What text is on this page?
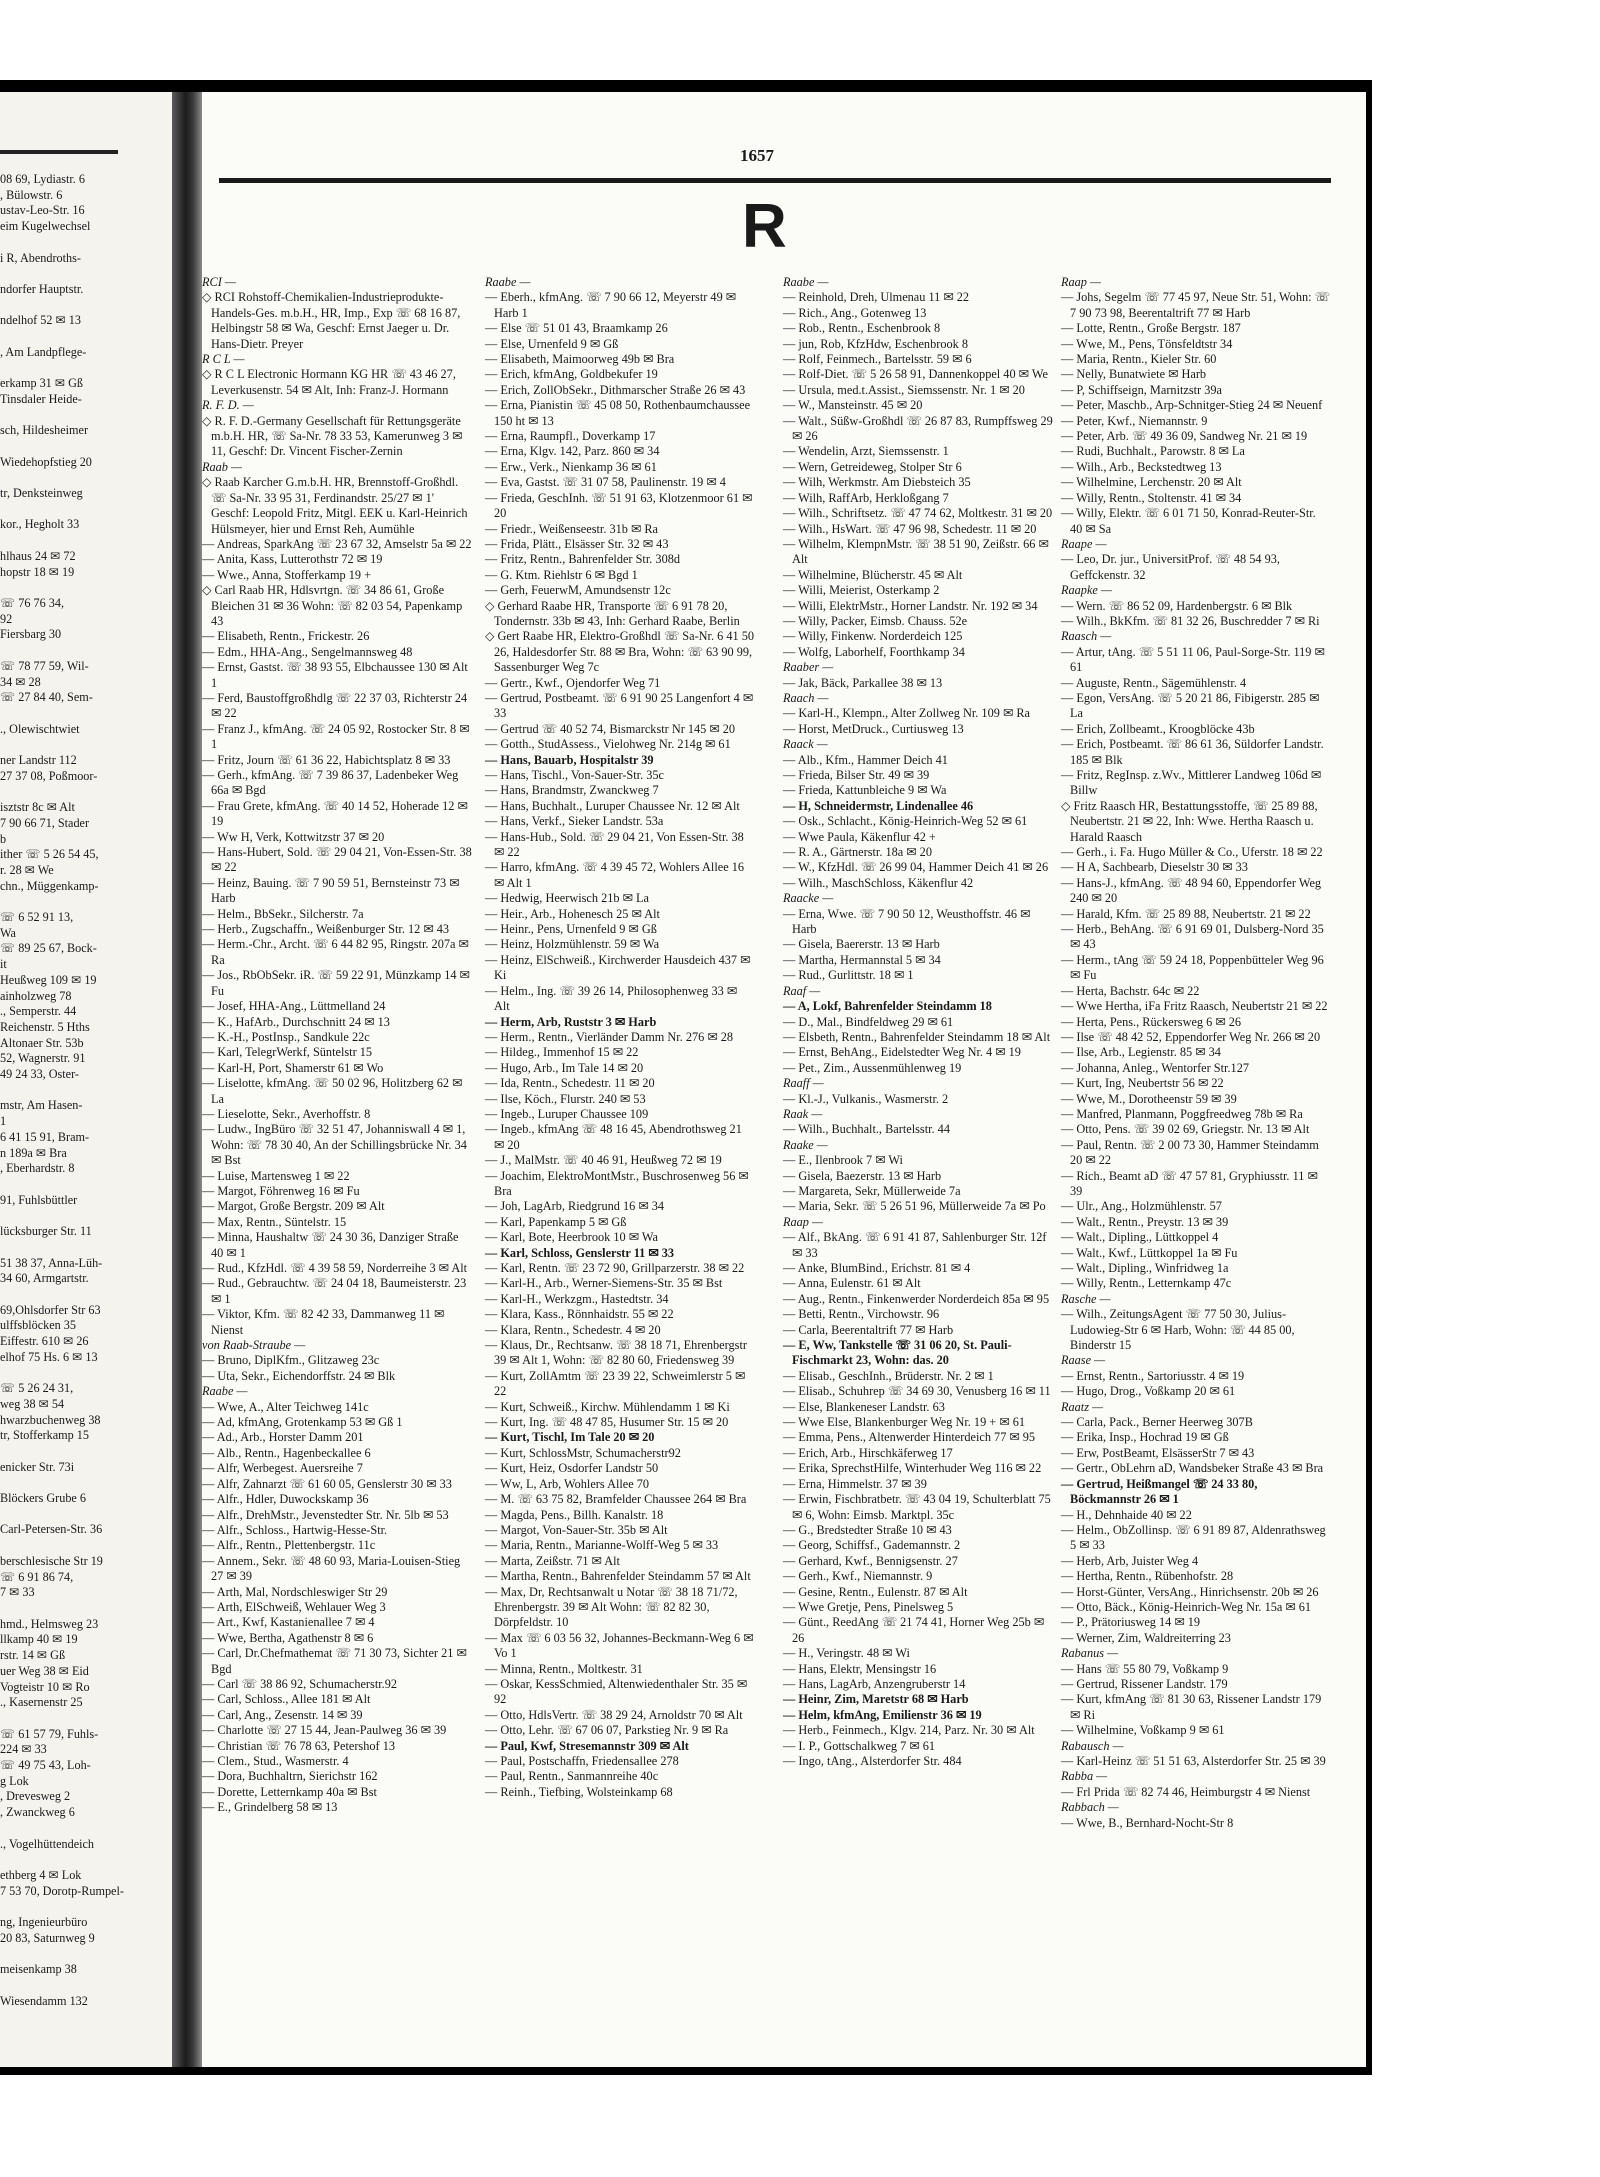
08 69, Lydiastr. 6
, Bülowstr. 6
ustav-Leo-Str. 16
eim Kugelwechsel

i R, Abendroths-

ndorfer Hauptstr.

ndelhof 52 ✉ 13

, Am Landpflege-

erkamp 31 ✉ Gß
Tinsdaler Heide-

sch, Hildesheimer

Wiedehopfstieg 20

tr, Denksteinweg

kor., Hegholt 33

hlhaus 24 ✉ 72
hopstr 18 ✉ 19

☏ 76 76 34,
92
Fiersbarg 30

☏ 78 77 59, Wil-
34 ✉ 28
☏ 27 84 40, Sem-

., Olewischtwiet

ner Landstr 112
27 37 08, Poßmoor-

isztstr 8c ✉ Alt
7 90 66 71, Stader
b
ither ☏ 5 26 54 45,
r. 28 ✉ We
chn., Müggenkamp-

☏ 6 52 91 13,
Wa
☏ 89 25 67, Bock-
it
Heußweg 109 ✉ 19
ainholzweg 78
., Semperstr. 44
Reichenstr. 5 Hths
Altonaer Str. 53b
52, Wagnerstr. 91
49 24 33, Oster-

mstr, Am Hasen-
1
6 41 15 91, Bram-
n 189a ✉ Bra
, Eberhardstr. 8

91, Fuhlsbüttler

lücksburger Str. 11

51 38 37, Anna-Lüh-
34 60, Armgartstr.

69,Ohlsdorfer Str 63
ulffsblöcken 35
Eiffestr. 610 ✉ 26
elhof 75 Hs. 6 ✉ 13

☏ 5 26 24 31,
weg 38 ✉ 54
hwarzbuchenweg 38
tr, Stofferkamp 15

enicker Str. 73i

Blöckers Grube 6

Carl-Petersen-Str. 36

berschlesische Str 19
☏ 6 91 86 74,
7 ✉ 33

hmd., Helmsweg 23
llkamp 40 ✉ 19
rstr. 14 ✉ Gß
uer Weg 38 ✉ Eid
Vogteistr 10 ✉ Ro
., Kasernenstr 25

☏ 61 57 79, Fuhls-
224 ✉ 33
☏ 49 75 43, Loh-
g Lok
, Drevesweg 2
, Zwanckweg 6

., Vogelhüttendeich

ethberg 4 ✉ Lok
7 53 70, Dorotp-Rumpel-

ng, Ingenieurbüro
20 83, Saturnweg 9

meisenkamp 38

Wiesendamm 132
1657
R
RCI —
◇ RCI Rohstoff-Chemikalien-Industrieprodukte-Handels-Ges. m.b.H., HR, Imp., Exp ☏ 68 16 87, Helbingstr 58 ✉ Wa, Geschf: Ernst Jaeger u. Dr. Hans-Dietr. Preyer
R C L —
◇ R C L Electronic Hormann KG HR ☏ 43 46 27, Leverkusenstr. 54 ✉ Alt, Inh: Franz-J. Hormann
R. F. D. —
◇ R. F. D.-Germany Gesellschaft für Rettungsgeräte m.b.H. HR, ☏ Sa-Nr. 78 33 53, Kamerunweg 3 ✉ 11, Geschf: Dr. Vincent Fischer-Zernin
Raab —
◇ Raab Karcher G.m.b.H. HR, Brennstoff-Großhdl. ☏ Sa-Nr. 33 95 31, Ferdinandstr. 25/27 ✉ 1' Geschf: Leopold Fritz, Mitgl. EEK u. Karl-Heinrich Hülsmeyer, hier und Ernst Reh, Aumühle
— Andreas, SparkAng ☏ 23 67 32, Amselstr 5a ✉ 22
— Anita, Kass, Lutterothstr 72 ✉ 19
— Wwe., Anna, Stofferkamp 19 +
◇ Carl Raab HR, Hdlsvrtgn. ☏ 34 86 61, Große Bleichen 31 ✉ 36 Wohn: ☏ 82 03 54, Papenkamp 43
— Elisabeth, Rentn., Frickestr. 26
— Edm., HHA-Ang., Sengelmannsweg 48
— Ernst, Gastst. ☏ 38 93 55, Elbchaussee 130 ✉ Alt 1
— Ferd, Baustoffgroßhdlg ☏ 22 37 03, Richterstr 24 ✉ 22
— Franz J., kfmAng. ☏ 24 05 92, Rostocker Str. 8 ✉ 1
— Fritz, Journ ☏ 61 36 22, Habichtsplatz 8 ✉ 33
— Gerh., kfmAng. ☏ 7 39 86 37, Ladenbeker Weg 66a ✉ Bgd
— Frau Grete, kfmAng. ☏ 40 14 52, Hoherade 12 ✉ 19
— Ww H, Verk, Kottwitzstr 37 ✉ 20
— Hans-Hubert, Sold. ☏ 29 04 21, Von-Essen-Str. 38 ✉ 22
— Heinz, Bauing. ☏ 7 90 59 51, Bernsteinstr 73 ✉ Harb
— Helm., BbSekr., Silcherstr. 7a
— Herb., Zugschaffn., Weißenburger Str. 12 ✉ 43
— Herm.-Chr., Archt. ☏ 6 44 82 95, Ringstr. 207a ✉ Ra
— Jos., RbObSekr. iR. ☏ 59 22 91, Münzkamp 14 ✉ Fu
— Josef, HHA-Ang., Lüttmelland 24
— K., HafArb., Durchschnitt 24 ✉ 13
— K.-H., PostInsp., Sandkule 22c
— Karl, TelegrWerkf, Süntelstr 15
— Karl-H, Port, Shamerstr 61 ✉ Wo
— Liselotte, kfmAng. ☏ 50 02 96, Holitzberg 62 ✉ La
— Lieselotte, Sekr., Averhoffstr. 8
— Ludw., IngBüro ☏ 32 51 47, Johanniswall 4 ✉ 1, Wohn: ☏ 78 30 40, An der Schillingsbrücke Nr. 34 ✉ Bst
— Luise, Martensweg 1 ✉ 22
— Margot, Föhrenweg 16 ✉ Fu
— Margot, Große Bergstr. 209 ✉ Alt
— Max, Rentn., Süntelstr. 15
— Minna, Haushaltw ☏ 24 30 36, Danziger Straße 40 ✉ 1
— Rud., KfzHdl. ☏ 4 39 58 59, Norderreihe 3 ✉ Alt
— Rud., Gebrauchtw. ☏ 24 04 18, Baumeisterstr. 23 ✉ 1
— Viktor, Kfm. ☏ 82 42 33, Dammanweg 11 ✉ Nienst
von Raab-Straube —
— Bruno, DiplKfm., Glitzaweg 23c
— Uta, Sekr., Eichendorffstr. 24 ✉ Blk
Raabe —
— Wwe, A., Alter Teichweg 141c
— Ad, kfmAng, Grotenkamp 53 ✉ Gß 1
— Ad., Arb., Horster Damm 201
— Alb., Rentn., Hagenbeckallee 6
— Alfr, Werbegest. Auersreihe 7
— Alfr, Zahnarzt ☏ 61 60 05, Genslerstr 30 ✉ 33
— Alfr., Hdler, Duwockskamp 36
— Alfr., DrehMstr., Jevenstedter Str. Nr. 5lb ✉ 53
— Alfr., Schloss., Hartwig-Hesse-Str.
— Alfr., Rentn., Plettenbergstr. 11c
— Annem., Sekr. ☏ 48 60 93, Maria-Louisen-Stieg 27 ✉ 39
— Arth, Mal, Nordschleswiger Str 29
— Arth, ElSchweiß, Wehlauer Weg 3
— Art., Kwf, Kastanienallee 7 ✉ 4
— Wwe, Bertha, Agathenstr 8 ✉ 6
— Carl, Dr.Chefmathemat ☏ 71 30 73, Sichter 21 ✉ Bgd
— Carl ☏ 38 86 92, Schumacherstr.92
— Carl, Schloss., Allee 181 ✉ Alt
— Carl, Ang., Zesenstr. 14 ✉ 39
— Charlotte ☏ 27 15 44, Jean-Paulweg 36 ✉ 39
— Christian ☏ 76 78 63, Petershof 13
— Clem., Stud., Wasmerstr. 4
— Dora, Buchhaltrn, Sierichstr 162
— Dorette, Letternkamp 40a ✉ Bst
— E., Grindelberg 58 ✉ 13
Raabe —
— Eberh., kfmAng. ☏ 7 90 66 12, Meyerstr 49 ✉ Harb 1
— Else ☏ 51 01 43, Braamkamp 26
— Else, Urnenfeld 9 ✉ Gß
— Elisabeth, Maimoorweg 49b ✉ Bra
— Erich, kfmAng, Goldbekufer 19
— Erich, ZollObSekr., Dithmarscher Straße 26 ✉ 43
— Erna, Pianistin ☏ 45 08 50, Rothenbaumchaussee 150 ht ✉ 13
— Erna, Raumpfl., Doverkamp 17
— Erna, Klgv. 142, Parz. 860 ✉ 34
— Erw., Verk., Nienkamp 36 ✉ 61
— Eva, Gastst. ☏ 31 07 58, Paulinenstr. 19 ✉ 4
— Frieda, GeschInh. ☏ 51 91 63, Klotzenmoor 61 ✉ 20
— Friedr., Weißenseestr. 31b ✉ Ra
— Frida, Plätt., Elsässer Str. 32 ✉ 43
— Fritz, Rentn., Bahrenfelder Str. 308d
— G. Ktm. Riehlstr 6 ✉ Bgd 1
— Gerh, FeuerwM, Amundsenstr 12c
◇ Gerhard Raabe HR, Transporte ☏ 6 91 78 20, Tondernstr. 33b ✉ 43, Inh: Gerhard Raabe, Berlin
◇ Gert Raabe HR, Elektro-Großhdl ☏ Sa-Nr. 6 41 50 26, Haldesdorfer Str. 88 ✉ Bra, Wohn: ☏ 63 90 99, Sassenburger Weg 7c
— Gertr., Kwf., Ojendorfer Weg 71
— Gertrud, Postbeamt. ☏ 6 91 90 25 Langenfort 4 ✉ 33
— Gertrud ☏ 40 52 74, Bismarckstr Nr 145 ✉ 20
— Gotth., StudAssess., Vielohweg Nr. 214g ✉ 61
— Hans, Bauarb, Hospitalstr 39
— Hans, Tischl., Von-Sauer-Str. 35c
— Hans, Brandmstr, Zwanckweg 7
— Hans, Buchhalt., Luruper Chaussee Nr. 12 ✉ Alt
— Hans, Verkf., Sieker Landstr. 53a
— Hans-Hub., Sold. ☏ 29 04 21, Von Essen-Str. 38 ✉ 22
— Harro, kfmAng. ☏ 4 39 45 72, Wohlers Allee 16 ✉ Alt 1
— Hedwig, Heerwisch 21b ✉ La
— Heir., Arb., Hohenesch 25 ✉ Alt
— Heinr., Pens, Urnenfeld 9 ✉ Gß
— Heinz, Holzmühlenstr. 59 ✉ Wa
— Heinz, ElSchweiß., Kirchwerder Hausdeich 437 ✉ Ki
— Helm., Ing. ☏ 39 26 14, Philosophenweg 33 ✉ Alt
— Herm, Arb, Ruststr 3 ✉ Harb
— Herm., Rentn., Vierländer Damm Nr. 276 ✉ 28
— Hildeg., Immenhof 15 ✉ 22
— Hugo, Arb., Im Tale 14 ✉ 20
— Ida, Rentn., Schedestr. 11 ✉ 20
— Ilse, Köch., Flurstr. 240 ✉ 53
— Ingeb., Luruper Chaussee 109
— Ingeb., kfmAng ☏ 48 16 45, Abendrothsweg 21 ✉ 20
— J., MalMstr. ☏ 40 46 91, Heußweg 72 ✉ 19
— Joachim, ElektroMontMstr., Buschrosenweg 56 ✉ Bra
— Joh, LagArb, Riedgrund 16 ✉ 34
— Karl, Papenkamp 5 ✉ Gß
— Karl, Bote, Heerbrook 10 ✉ Wa
— Karl, Schloss, Genslerstr 11 ✉ 33
— Karl, Rentn. ☏ 23 72 90, Grillparzerstr. 38 ✉ 22
— Karl-H., Arb., Werner-Siemens-Str. 35 ✉ Bst
— Karl-H., Werkzgm., Hastedtstr. 34
— Klara, Kass., Rönnhaidstr. 55 ✉ 22
— Klara, Rentn., Schedestr. 4 ✉ 20
— Klaus, Dr., Rechtsanw. ☏ 38 18 71, Ehrenbergstr 39 ✉ Alt 1, Wohn: ☏ 82 80 60, Friedensweg 39
— Kurt, ZollAmtm ☏ 23 39 22, Schweimlerstr 5 ✉ 22
— Kurt, Schweiß., Kirchw. Mühlendamm 1 ✉ Ki
— Kurt, Ing. ☏ 48 47 85, Husumer Str. 15 ✉ 20
— Kurt, Tischl, Im Tale 20 ✉ 20
— Kurt, SchlossMstr, Schumacherstr92
— Kurt, Heiz, Osdorfer Landstr 50
— Ww, L, Arb, Wohlers Allee 70
— M. ☏ 63 75 82, Bramfelder Chaussee 264 ✉ Bra
— Magda, Pens., Billh. Kanalstr. 18
— Margot, Von-Sauer-Str. 35b ✉ Alt
— Maria, Rentn., Marianne-Wolff-Weg 5 ✉ 33
— Marta, Zeißstr. 71 ✉ Alt
— Martha, Rentn., Bahrenfelder Steindamm 57 ✉ Alt
— Max, Dr, Rechtsanwalt u Notar ☏ 38 18 71/72, Ehrenbergstr. 39 ✉ Alt Wohn: ☏ 82 82 30, Dörpfeldstr. 10
— Max ☏ 6 03 56 32, Johannes-Beckmann-Weg 6 ✉ Vo 1
— Minna, Rentn., Moltkestr. 31
— Oskar, KessSchmied, Altenwiedenthaler Str. 35 ✉ 92
— Otto, HdlsVertr. ☏ 38 29 24, Arnoldstr 70 ✉ Alt
— Otto, Lehr. ☏ 67 06 07, Parkstieg Nr. 9 ✉ Ra
— Paul, Kwf, Stresemannstr 309 ✉ Alt
— Paul, Postschaffn, Friedensallee 278
— Paul, Rentn., Sanmannreihe 40c
— Reinh., Tiefbing, Wolsteinkamp 68
Raabe —
— Reinhold, Dreh, Ulmenau 11 ✉ 22
— Rich., Ang., Gotenweg 13
— Rob., Rentn., Eschenbrook 8
— jun, Rob, KfzHdw, Eschenbrook 8
— Rolf, Feinmech., Bartelsstr. 59 ✉ 6
— Rolf-Diet. ☏ 5 26 58 91, Dannenkoppel 40 ✉ We
— Ursula, med.t.Assist., Siemssenstr. Nr. 1 ✉ 20
— W., Mansteinstr. 45 ✉ 20
— Walt., Süßw-Großhdl ☏ 26 87 83, Rumpffsweg 29 ✉ 26
— Wendelin, Arzt, Siemssenstr. 1
— Wern, Getreideweg, Stolper Str 6
— Wilh, Werkmstr. Am Diebsteich 35
— Wilh, RaffArb, Herkloßgang 7
— Wilh., Schriftsetz. ☏ 47 74 62, Moltkestr. 31 ✉ 20
— Wilh., HsWart. ☏ 47 96 98, Schedestr. 11 ✉ 20
— Wilhelm, KlempnMstr. ☏ 38 51 90, Zeißstr. 66 ✉ Alt
— Wilhelmine, Blücherstr. 45 ✉ Alt
— Willi, Meierist, Osterkamp 2
— Willi, ElektrMstr., Horner Landstr. Nr. 192 ✉ 34
— Willy, Packer, Eimsb. Chauss. 52e
— Willy, Finkenw. Norderdeich 125
— Wolfg, Laborhelf, Foorthkamp 34
Raaber —
— Jak, Bäck, Parkallee 38 ✉ 13
Raach —
— Karl-H., Klempn., Alter Zollweg Nr. 109 ✉ Ra
— Horst, MetDruck., Curtiusweg 13
Raack —
— Alb., Kfm., Hammer Deich 41
— Frieda, Bilser Str. 49 ✉ 39
— Frieda, Kattunbleiche 9 ✉ Wa
— H, Schneidermstr, Lindenallee 46
— Osk., Schlacht., König-Heinrich-Weg 52 ✉ 61
— Wwe Paula, Käkenflur 42 +
— R. A., Gärtnerstr. 18a ✉ 20
— W., KfzHdl. ☏ 26 99 04, Hammer Deich 41 ✉ 26
— Wilh., MaschSchloss, Käkenflur 42
Raacke —
— Erna, Wwe. ☏ 7 90 50 12, Weusthoffstr. 46 ✉ Harb
— Gisela, Baererstr. 13 ✉ Harb
— Martha, Hermannstal 5 ✉ 34
— Rud., Gurlittstr. 18 ✉ 1
Raaf —
— A, Lokf, Bahrenfelder Steindamm 18
— D., Mal., Bindfeldweg 29 ✉ 61
— Elsbeth, Rentn., Bahrenfelder Steindamm 18 ✉ Alt
— Ernst, BehAng., Eidelstedter Weg Nr. 4 ✉ 19
— Pet., Zim., Aussenmühlenweg 19
Raaff —
— Kl.-J., Vulkanis., Wasmerstr. 2
Raak —
— Wilh., Buchhalt., Bartelsstr. 44
Raake —
— E., Ilenbrook 7 ✉ Wi
— Gisela, Baezerstr. 13 ✉ Harb
— Margareta, Sekr, Müllerweide 7a
— Maria, Sekr. ☏ 5 26 51 96, Müllerweide 7a ✉ Po
Raap —
— Alf., BkAng. ☏ 6 91 41 87, Sahlenburger Str. 12f ✉ 33
— Anke, BlumBind., Erichstr. 81 ✉ 4
— Anna, Eulenstr. 61 ✉ Alt
— Aug., Rentn., Finkenwerder Norderdeich 85a ✉ 95
— Betti, Rentn., Virchowstr. 96
— Carla, Beerentaltrift 77 ✉ Harb
— E, Ww, Tankstelle ☏ 31 06 20, St. Pauli-Fischmarkt 23, Wohn: das. 20
— Elisab., GeschInh., Brüderstr. Nr. 2 ✉ 1
— Elisab., Schuhrep ☏ 34 69 30, Venusberg 16 ✉ 11
— Else, Blankeneser Landstr. 63
— Wwe Else, Blankenburger Weg Nr. 19 + ✉ 61
— Emma, Pens., Altenwerder Hinterdeich 77 ✉ 95
— Erich, Arb., Hirschkäferweg 17
— Erika, SprechstHilfe, Winterhuder Weg 116 ✉ 22
— Erna, Himmelstr. 37 ✉ 39
— Erwin, Fischbratbetr. ☏ 43 04 19, Schulterblatt 75 ✉ 6, Wohn: Eimsb. Marktpl. 35c
— G., Bredstedter Straße 10 ✉ 43
— Georg, Schiffsf., Gademannstr. 2
— Gerhard, Kwf., Bennigsenstr. 27
— Gerh., Kwf., Niemannstr. 9
— Gesine, Rentn., Eulenstr. 87 ✉ Alt
— Wwe Gretje, Pens, Pinelsweg 5
— Günt., ReedAng ☏ 21 74 41, Horner Weg 25b ✉ 26
— H., Veringstr. 48 ✉ Wi
— Hans, Elektr, Mensingstr 16
— Hans, LagArb, Anzengruberstr 14
— Heinr, Zim, Maretstr 68 ✉ Harb
— Helm, kfmAng, Emilienstr 36 ✉ 19
— Herb., Feinmech., Klgv. 214, Parz. Nr. 30 ✉ Alt
— I. P., Gottschalkweg 7 ✉ 61
— Ingo, tAng., Alsterdorfer Str. 484
Raap —
— Johs, Segelm ☏ 77 45 97, Neue Str. 51, Wohn: ☏ 7 90 73 98, Beerentaltrift 77 ✉ Harb
— Lotte, Rentn., Große Bergstr. 187
— Wwe, M., Pens, Tönsfeldtstr 34
— Maria, Rentn., Kieler Str. 60
— Nelly, Bunatwiete ✉ Harb
— P, Schiffseign, Marnitzstr 39a
— Peter, Maschb., Arp-Schnitger-Stieg 24 ✉ Neuenf
— Peter, Kwf., Niemannstr. 9
— Peter, Arb. ☏ 49 36 09, Sandweg Nr. 21 ✉ 19
— Rudi, Buchhalt., Parowstr. 8 ✉ La
— Wilh., Arb., Beckstedtweg 13
— Wilhelmine, Lerchenstr. 20 ✉ Alt
— Willy, Rentn., Stoltenstr. 41 ✉ 34
— Willy, Elektr. ☏ 6 01 71 50, Konrad-Reuter-Str. 40 ✉ Sa
Raape —
— Leo, Dr. jur., UniversitProf. ☏ 48 54 93, Geffckenstr. 32
Raapke —
— Wern. ☏ 86 52 09, Hardenbergstr. 6 ✉ Blk
— Wilh., BkKfm. ☏ 81 32 26, Buschredder 7 ✉ Ri
Raasch —
— Artur, tAng. ☏ 5 51 11 06, Paul-Sorge-Str. 119 ✉ 61
— Auguste, Rentn., Sägemühlenstr. 4
— Egon, VersAng. ☏ 5 20 21 86, Fibigerstr. 285 ✉ La
— Erich, Zollbeamt., Kroogblöcke 43b
— Erich, Postbeamt. ☏ 86 61 36, Süldorfer Landstr. 185 ✉ Blk
— Fritz, RegInsp. z.Wv., Mittlerer Landweg 106d ✉ Billw
◇ Fritz Raasch HR, Bestattungsstoffe, ☏ 25 89 88, Neubertstr. 21 ✉ 22, Inh: Wwe. Hertha Raasch u. Harald Raasch
— Gerh., i. Fa. Hugo Müller & Co., Uferstr. 18 ✉ 22
— H A, Sachbearb, Dieselstr 30 ✉ 33
— Hans-J., kfmAng. ☏ 48 94 60, Eppendorfer Weg 240 ✉ 20
— Harald, Kfm. ☏ 25 89 88, Neubertstr. 21 ✉ 22
— Herb., BehAng. ☏ 6 91 69 01, Dulsberg-Nord 35 ✉ 43
— Herm., tAng ☏ 59 24 18, Poppenbütteler Weg 96 ✉ Fu
— Herta, Bachstr. 64c ✉ 22
— Wwe Hertha, iFa Fritz Raasch, Neubertstr 21 ✉ 22
— Herta, Pens., Rückersweg 6 ✉ 26
— Ilse ☏ 48 42 52, Eppendorfer Weg Nr. 266 ✉ 20
— Ilse, Arb., Legienstr. 85 ✉ 34
— Johanna, Anleg., Wentorfer Str.127
— Kurt, Ing, Neubertstr 56 ✉ 22
— Wwe, M., Dorotheenstr 59 ✉ 39
— Manfred, Planmann, Poggfreedweg 78b ✉ Ra
— Otto, Pens. ☏ 39 02 69, Griegstr. Nr. 13 ✉ Alt
— Paul, Rentn. ☏ 2 00 73 30, Hammer Steindamm 20 ✉ 22
— Rich., Beamt aD ☏ 47 57 81, Gryphiusstr. 11 ✉ 39
— Ulr., Ang., Holzmühlenstr. 57
— Walt., Rentn., Preystr. 13 ✉ 39
— Walt., Dipling., Lüttkoppel 4
— Walt., Kwf., Lüttkoppel 1a ✉ Fu
— Walt., Dipling., Winfridweg 1a
— Willy, Rentn., Letternkamp 47c
Rasche —
— Wilh., ZeitungsAgent ☏ 77 50 30, Julius-Ludowieg-Str 6 ✉ Harb, Wohn: ☏ 44 85 00, Binderstr 15
Raase —
— Ernst, Rentn., Sartoriusstr. 4 ✉ 19
— Hugo, Drog., Voßkamp 20 ✉ 61
Raatz —
— Carla, Pack., Berner Heerweg 307B
— Erika, Insp., Hochrad 19 ✉ Gß
— Erw, PostBeamt, ElsässerStr 7 ✉ 43
— Gertr., ObLehrn aD, Wandsbeker Straße 43 ✉ Bra
— Gertrud, Heißmangel ☏ 24 33 80, Böckmannstr 26 ✉ 1
— H., Dehnhaide 40 ✉ 22
— Helm., ObZollinsp. ☏ 6 91 89 87, Aldenrathsweg 5 ✉ 33
— Herb, Arb, Juister Weg 4
— Hertha, Rentn., Rübenhofstr. 28
— Horst-Günter, VersAng., Hinrichsenstr. 20b ✉ 26
— Otto, Bäck., König-Heinrich-Weg Nr. 15a ✉ 61
— P., Prätoriusweg 14 ✉ 19
— Werner, Zim, Waldreiterring 23
Rabanus —
— Hans ☏ 55 80 79, Voßkamp 9
— Gertrud, Rissener Landstr. 179
— Kurt, kfmAng ☏ 81 30 63, Rissener Landstr 179 ✉ Ri
— Wilhelmine, Voßkamp 9 ✉ 61
Rabausch —
— Karl-Heinz ☏ 51 51 63, Alsterdorfer Str. 25 ✉ 39
Rabba —
— Frl Prida ☏ 82 74 46, Heimburgstr 4 ✉ Nienst
Rabbach —
— Wwe, B., Bernhard-Nocht-Str 8
